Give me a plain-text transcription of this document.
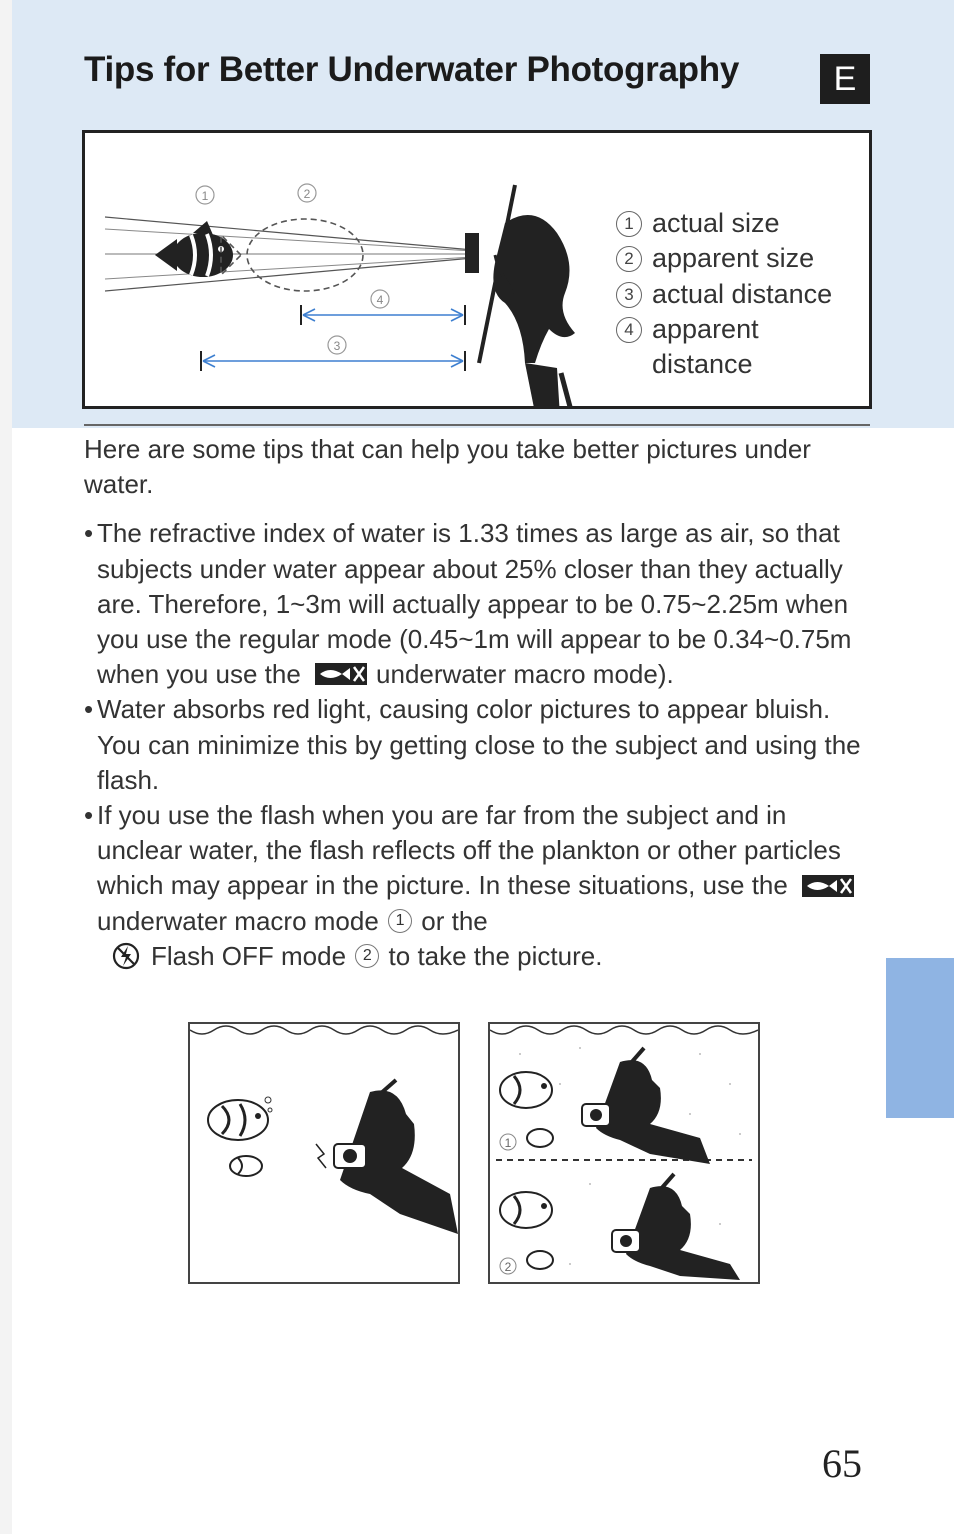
Tips for Better Underwater Photography	E
1	2
4
3
1 actual size
2 apparent size
3 actual distance
4 apparent distance

Here are some tips that can help you take better pictures under water.

• The refractive index of water is 1.33 times as large as air, so that subjects under water appear about 25% closer than they actually are. Therefore, 1~3m will actually appear to be 0.75~2.25m when you use the regular mode (0.45~1m will appear to be 0.34~0.75m when you use the	underwater macro mode).

• Water absorbs red light, causing color pictures to appear bluish. You can minimize this by getting close to the subject and using the flash.

• If you use the flash when you are far from the subject and in unclear water, the flash reflects off the plankton or other particles which may appear in the picture. In these situations, use the underwater macro mode 1 or the
Flash OFF mode 2 to take the picture.

1
2
65
